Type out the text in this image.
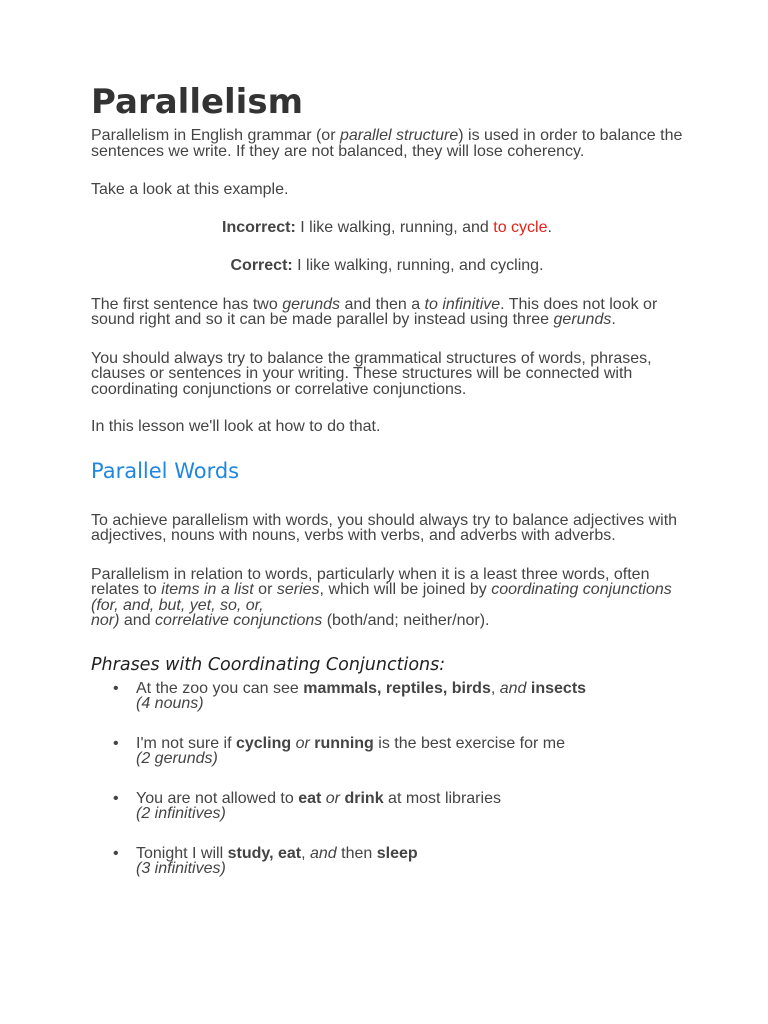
Parallelism

Parallelism in English grammar (or parallel structure) is used in order to balance the sentences we write. If they are not balanced, they will lose coherency.

Take a look at this example.

Incorrect: I like walking, running, and to cycle.

Correct: I like walking, running, and cycling.

The first sentence has two gerunds and then a to infinitive. This does not look or sound right and so it can be made parallel by instead using three gerunds.

You should always try to balance the grammatical structures of words, phrases, clauses or sentences in your writing. These structures will be connected with coordinating conjunctions or correlative conjunctions.

In this lesson we'll look at how to do that.

Parallel Words

To achieve parallelism with words, you should always try to balance adjectives with adjectives, nouns with nouns, verbs with verbs, and adverbs with adverbs.

Parallelism in relation to words, particularly when it is a least three words, often relates to items in a list or series, which will be joined by coordinating conjunctions (for, and, but, yet, so, or,
nor) and correlative conjunctions (both/and; neither/nor).

Phrases with Coordinating Conjunctions:
• At the zoo you can see mammals, reptiles, birds, and insects
(4 nouns)
• I'm not sure if cycling or running is the best exercise for me
(2 gerunds)
• You are not allowed to eat or drink at most libraries
(2 infinitives)
• Tonight I will study, eat, and then sleep
(3 infinitives)
